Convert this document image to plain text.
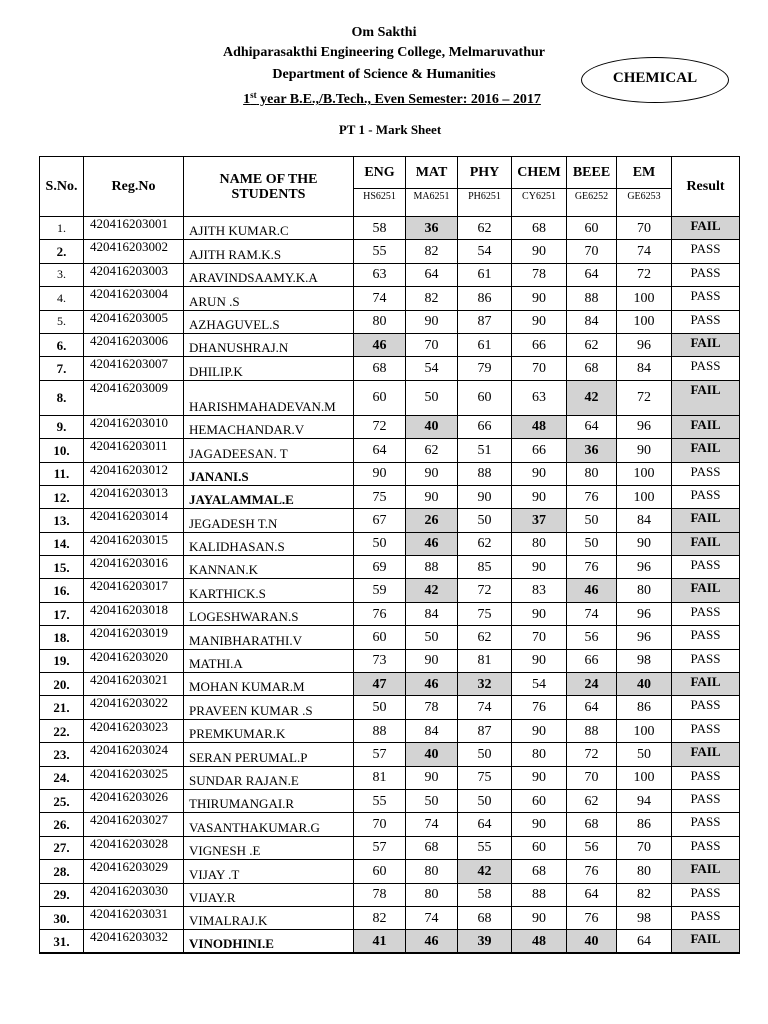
Om Sakthi
Adhiparasakthi Engineering College, Melmaruvathur
Department of Science & Humanities
1st year B.E.,/B.Tech., Even Semester: 2016 – 2017
CHEMICAL
PT 1 - Mark Sheet
S.No.	Reg.No	NAME OF THE STUDENTS	ENG	MAT	PHY	CHEM	BEEE	EM	Result
			HS6251	MA6251	PH6251	CY6251	GE6252	GE6253	
1.	420416203001	AJITH KUMAR.C	58	36	62	68	60	70	FAIL
2.	420416203002	AJITH RAM.K.S	55	82	54	90	70	74	PASS
3.	420416203003	ARAVINDSAAMY.K.A	63	64	61	78	64	72	PASS
4.	420416203004	ARUN .S	74	82	86	90	88	100	PASS
5.	420416203005	AZHAGUVEL.S	80	90	87	90	84	100	PASS
6.	420416203006	DHANUSHRAJ.N	46	70	61	66	62	96	FAIL
7.	420416203007	DHILIP.K	68	54	79	70	68	84	PASS
8.	420416203009	HARISHMAHADEVAN.M	60	50	60	63	42	72	FAIL
9.	420416203010	HEMACHANDAR.V	72	40	66	48	64	96	FAIL
10.	420416203011	JAGADEESAN. T	64	62	51	66	36	90	FAIL
11.	420416203012	JANANI.S	90	90	88	90	80	100	PASS
12.	420416203013	JAYALAMMAL.E	75	90	90	90	76	100	PASS
13.	420416203014	JEGADESH T.N	67	26	50	37	50	84	FAIL
14.	420416203015	KALIDHASAN.S	50	46	62	80	50	90	FAIL
15.	420416203016	KANNAN.K	69	88	85	90	76	96	PASS
16.	420416203017	KARTHICK.S	59	42	72	83	46	80	FAIL
17.	420416203018	LOGESHWARAN.S	76	84	75	90	74	96	PASS
18.	420416203019	MANIBHARATHI.V	60	50	62	70	56	96	PASS
19.	420416203020	MATHI.A	73	90	81	90	66	98	PASS
20.	420416203021	MOHAN KUMAR.M	47	46	32	54	24	40	FAIL
21.	420416203022	PRAVEEN KUMAR .S	50	78	74	76	64	86	PASS
22.	420416203023	PREMKUMAR.K	88	84	87	90	88	100	PASS
23.	420416203024	SERAN PERUMAL.P	57	40	50	80	72	50	FAIL
24.	420416203025	SUNDAR RAJAN.E	81	90	75	90	70	100	PASS
25.	420416203026	THIRUMANGAI.R	55	50	50	60	62	94	PASS
26.	420416203027	VASANTHAKUMAR.G	70	74	64	90	68	86	PASS
27.	420416203028	VIGNESH .E	57	68	55	60	56	70	PASS
28.	420416203029	VIJAY .T	60	80	42	68	76	80	FAIL
29.	420416203030	VIJAY.R	78	80	58	88	64	82	PASS
30.	420416203031	VIMALRAJ.K	82	74	68	90	76	98	PASS
31.	420416203032	VINODHINI.E	41	46	39	48	40	64	FAIL
